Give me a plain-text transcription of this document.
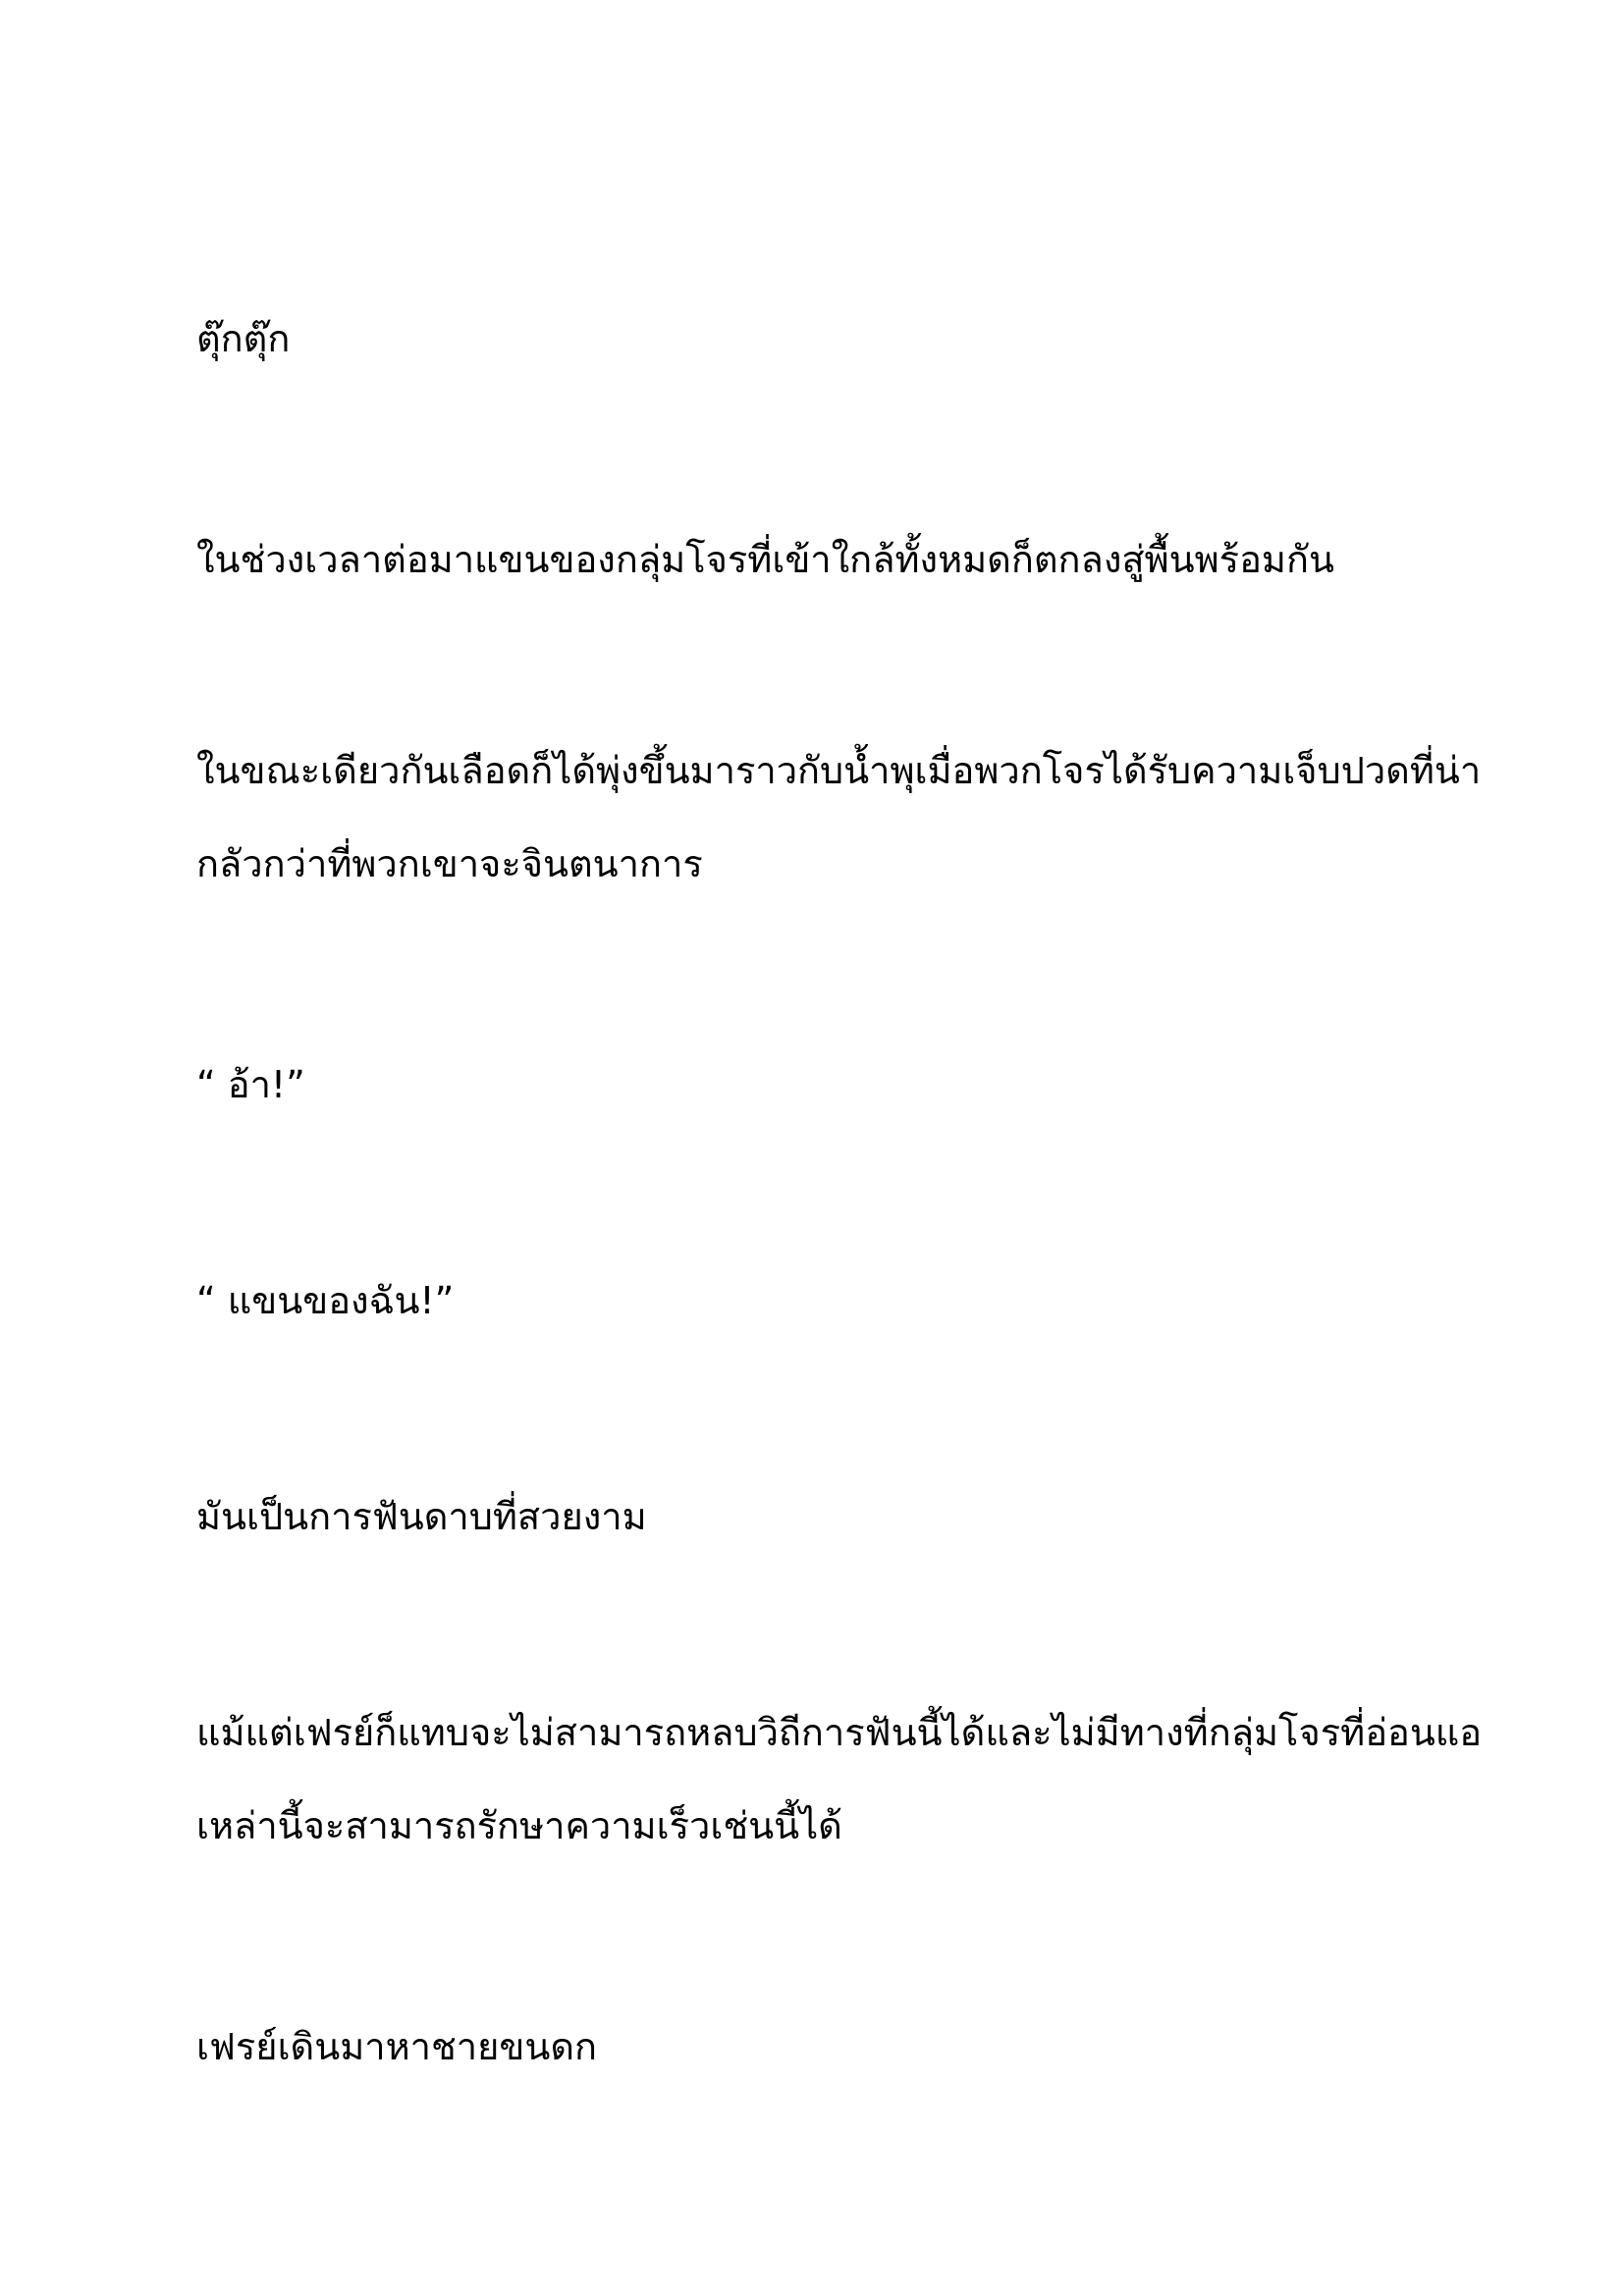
ตุ๊กตุ๊ก

ในช่วงเวลาต่อมาแขนของกลุ่มโจรที่เข้าใกล้ทั้งหมดก็ตกลงสู่พื้นพร้อมกัน

ในขณะเดียวกันเลือดก็ได้พุ่งขึ้นมาราวกับน้ำพุเมื่อพวกโจรได้รับความเจ็บปวดที่น่า

กลัวกว่าที่พวกเขาจะจินตนาการ

“ อ้า!”

“ แขนของฉัน!”

มันเป็นการฟันดาบที่สวยงาม

แม้แต่เฟรย์ก็แทบจะไม่สามารถหลบวิถีการฟันนี้ได้และไม่มีทางที่กลุ่มโจรที่อ่อนแอ

เหล่านี้จะสามารถรักษาความเร็วเช่นนี้ได้

เฟรย์เดินมาหาชายขนดก
